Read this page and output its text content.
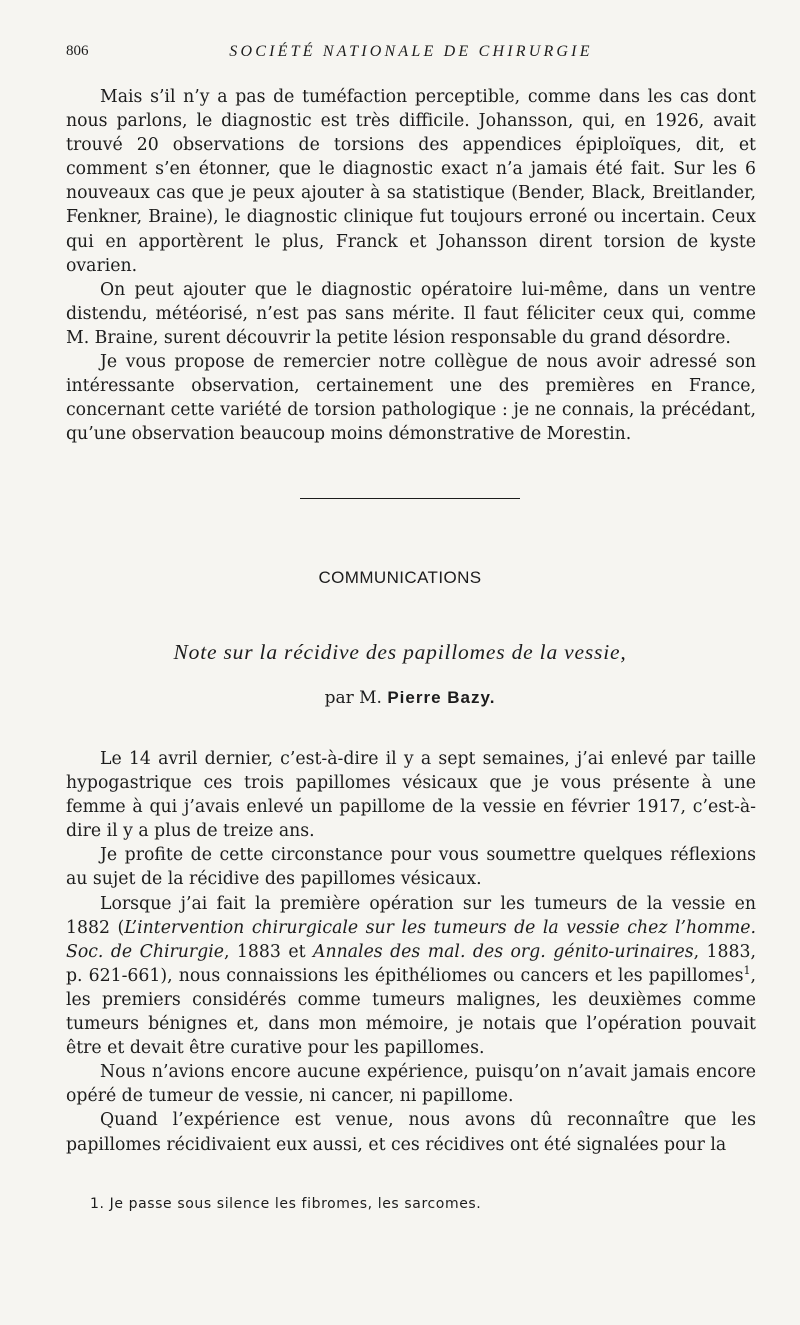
806	SOCIÉTÉ NATIONALE DE CHIRURGIE

Mais s’il n’y a pas de tuméfaction perceptible, comme dans les cas dont nous parlons, le diagnostic est très difficile. Johansson, qui, en 1926, avait trouvé 20 observations de torsions des appendices épiploïques, dit, et comment s’en étonner, que le diagnostic exact n’a jamais été fait. Sur les 6 nouveaux cas que je peux ajouter à sa statistique (Bender, Black, Breitlander, Fenkner, Braine), le diagnostic clinique fut toujours erroné ou incertain. Ceux qui en apportèrent le plus, Franck et Johansson dirent torsion de kyste ovarien.

On peut ajouter que le diagnostic opératoire lui-même, dans un ventre distendu, météorisé, n’est pas sans mérite. Il faut féliciter ceux qui, comme M. Braine, surent découvrir la petite lésion responsable du grand désordre.

Je vous propose de remercier notre collègue de nous avoir adressé son intéressante observation, certainement une des premières en France, concernant cette variété de torsion pathologique : je ne connais, la précédant, qu’une observation beaucoup moins démonstrative de Morestin.

COMMUNICATIONS
Note sur la récidive des papillomes de la vessie,
par M. Pierre Bazy.

Le 14 avril dernier, c’est-à-dire il y a sept semaines, j’ai enlevé par taille hypogastrique ces trois papillomes vésicaux que je vous présente à une femme à qui j’avais enlevé un papillome de la vessie en février 1917, c’est-à-dire il y a plus de treize ans.

Je profite de cette circonstance pour vous soumettre quelques réflexions au sujet de la récidive des papillomes vésicaux.

Lorsque j’ai fait la première opération sur les tumeurs de la vessie en 1882 (L’intervention chirurgicale sur les tumeurs de la vessie chez l’homme. Soc. de Chirurgie, 1883 et Annales des mal. des org. génito-urinaires, 1883, p. 621-661), nous connaissions les épithéliomes ou cancers et les papillomes$^1$, les premiers considérés comme tumeurs malignes, les deuxièmes comme tumeurs bénignes et, dans mon mémoire, je notais que l’opération pouvait être et devait être curative pour les papillomes.

Nous n’avions encore aucune expérience, puisqu’on n’avait jamais encore opéré de tumeur de vessie, ni cancer, ni papillome.

Quand l’expérience est venue, nous avons dû reconnaître que les papillomes récidivaient eux aussi, et ces récidives ont été signalées pour la

1. Je passe sous silence les fibromes, les sarcomes.
